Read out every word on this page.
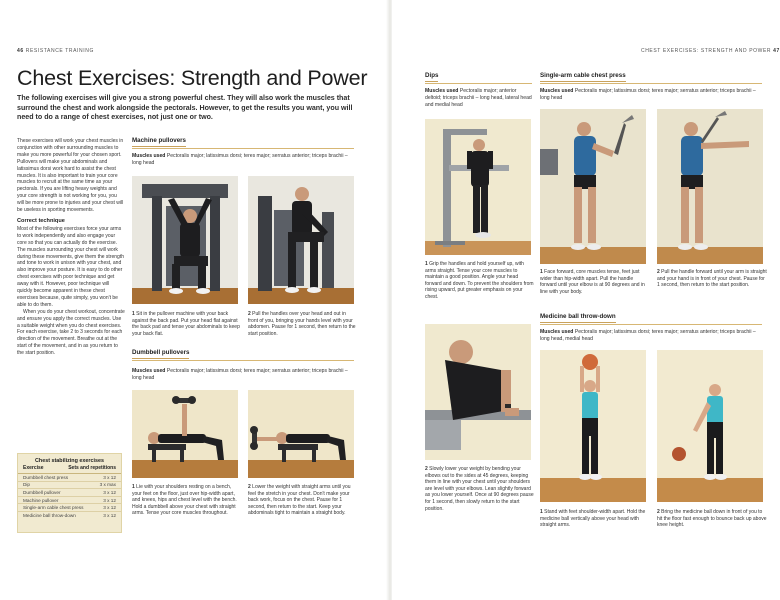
46 RESISTANCE TRAINING
Chest Exercises: Strength and Power
The following exercises will give you a strong powerful chest. They will also work the muscles that surround the chest and work alongside the pectorals. However, to get the results you want, you will need to do a range of chest exercises, not just one or two.

These exercises will work your chest muscles in conjunction with other surrounding muscles to make you more powerful for your chosen sport. Pullovers will make your abdominals and latissimus dorsi work hard to assist the chest muscles. It is also important to train your core muscles to recruit at the same time as your pectorals. If you are lifting heavy weights and your core strength is not working for you, you will be more prone to injuries and your chest will be useless in sporting movements.

Correct technique

Most of the following exercises force your arms to work independently and also engage your core so that you can actually do the exercise. The muscles surrounding your chest will work during these movements, give them the strength and tone to work in unison with your chest, and also improve your posture. It is easy to do other chest exercises with poor technique and get away with it. However, poor technique will quickly become apparent in these chest exercises because, quite simply, you won't be able to do them.

When you do your chest workout, concentrate and ensure you apply the correct muscles. Use a suitable weight when you do chest exercises. For each exercise, take 2 to 3 seconds for each direction of the movement. Breathe out at the start of the movement, and in as you return to the start position.

Chest stabilizing exercises
Exercise	Sets and repetitions
Dumbbell chest press	3 x 12
Dip	3 x max
Dumbbell pullover	3 x 12
Machine pullover	3 x 12
Single-arm cable chest press	3 x 12
Medicine ball throw-down	3 x 12
Machine pullovers
Muscles used Pectoralis major; latissimus dorsi; teres major; serratus anterior; triceps brachii – long head
1 Sit in the pullover machine with your back against the back pad. Put your head flat against the back pad and tense your abdominals to keep your back flat.
2 Pull the handles over your head and out in front of you, bringing your hands level with your abdomen. Pause for 1 second, then return to the start position.
Dumbbell pullovers
Muscles used Pectoralis major; latissimus dorsi; teres major; serratus anterior; triceps brachii – long head
1 Lie with your shoulders resting on a bench, your feet on the floor, just over hip-width apart, and knees, hips and chest level with the bench. Hold a dumbbell above your chest with straight arms. Tense your core muscles throughout.
2 Lower the weight with straight arms until you feel the stretch in your chest. Don't make your back work, focus on the chest. Pause for 1 second, then return to the start. Keep your abdominals tight to maintain a straight body.
CHEST EXERCISES: STRENGTH AND POWER 47
Dips
Muscles used Pectoralis major; anterior deltoid; triceps brachii – long head, lateral head and medial head
1 Grip the handles and hold yourself up, with arms straight. Tense your core muscles to maintain a good position. Angle your head forward and down. To prevent the shoulders from rising upward, put greater emphasis on your chest.
2 Slowly lower your weight by bending your elbows out to the sides at 45 degrees, keeping them in line with your chest until your shoulders are level with your elbows. Lean slightly forward as you lower yourself. Once at 90 degrees pause for 1 second, then slowly return to the start position.
Single-arm cable chest press
Muscles used Pectoralis major; latissimus dorsi; teres major; serratus anterior; triceps brachii – long head
1 Face forward, core muscles tense, feet just wider than hip-width apart. Pull the handle forward until your elbow is at 90 degrees and in line with your body.
2 Pull the handle forward until your arm is straight and your hand is in front of your chest. Pause for 1 second, then return to the start position.
Medicine ball throw-down
Muscles used Pectoralis major; latissimus dorsi; teres major; serratus anterior; triceps brachii – long head, medial head
1 Stand with feet shoulder-width apart. Hold the medicine ball vertically above your head with straight arms.
2 Bring the medicine ball down in front of you to hit the floor fast enough to bounce back up above knee height.
